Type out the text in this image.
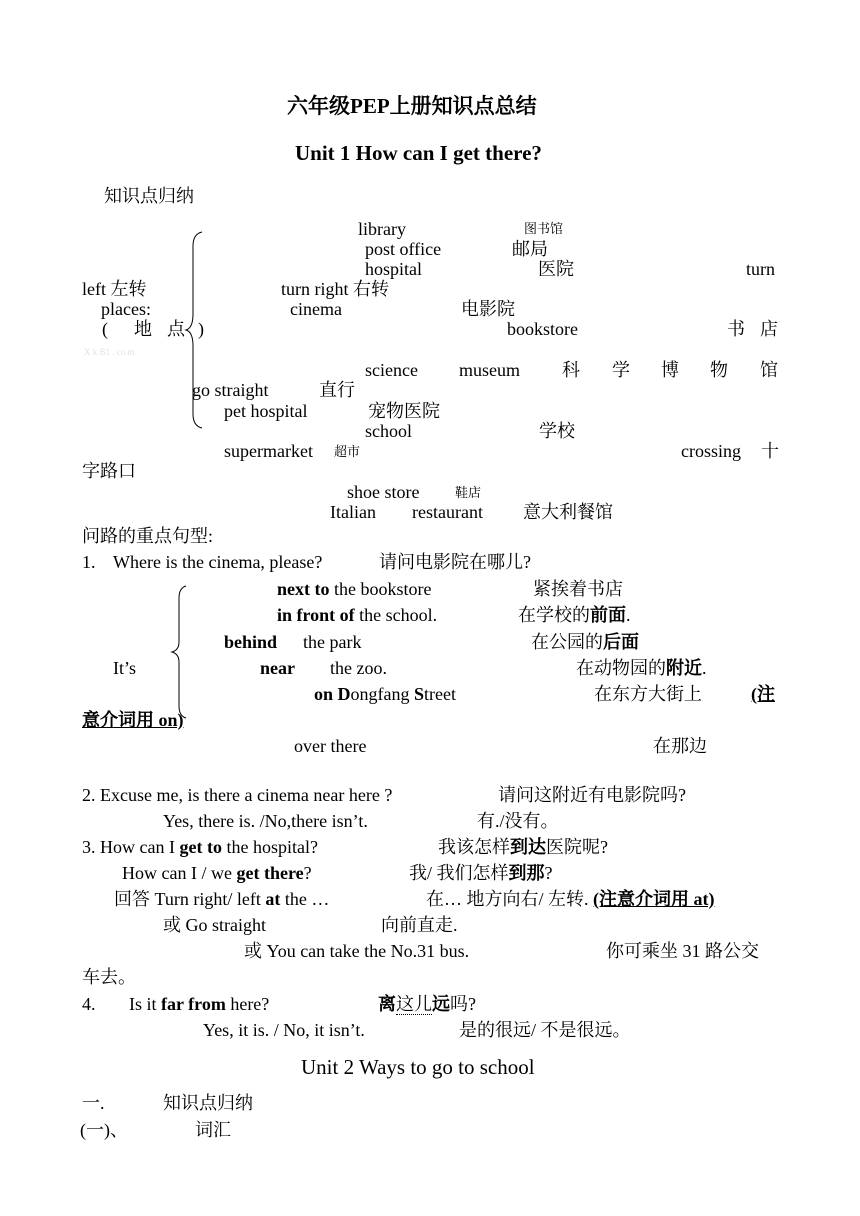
六年级PEP上册知识点总结
Unit 1 How can I get there?
知识点归纳
library	图书馆
post office	邮局
hospital	医院	turn
left 左转	turn right 右转
places:	cinema	电影院
( 地 点 )	bookstore	书 店
X k B1 . co m
science museum 科 学 博 物 馆
go straight	直行
pet hospital	宠物医院
school	学校
supermarket 超市	crossing 十
字路口
shoe store	鞋店
Italian restaurant 意大利餐馆
问路的重点句型:
1. Where is the cinema, please?	请问电影院在哪儿?
next to the bookstore	紧挨着书店
in front of the school.	在学校的前面.
behind the park	在公园的后面
It’s	near the zoo.	在动物园的附近.
on Dongfang Street	在东方大街上	(注
意介词用 on)
over there	在那边
2. Excuse me, is there a cinema near here ?	请问这附近有电影院吗?
Yes, there is. /No,there isn’t.	有./没有。
3. How can I get to the hospital?	我该怎样到达医院呢?
How can I / we get there?	我/ 我们怎样到那?
回答 Turn right/ left at the …	在… 地方向右/ 左转. (注意介词用 at)
或 Go straight	向前直走.
或 You can take the No.31 bus.	你可乘坐 31 路公交
车去。
4. Is it far from here?	离这儿远吗?
Yes, it is. / No, it isn’t.	是的很远/ 不是很远。
Unit 2 Ways to go to school
一.	知识点归纳
(一)、	词汇
